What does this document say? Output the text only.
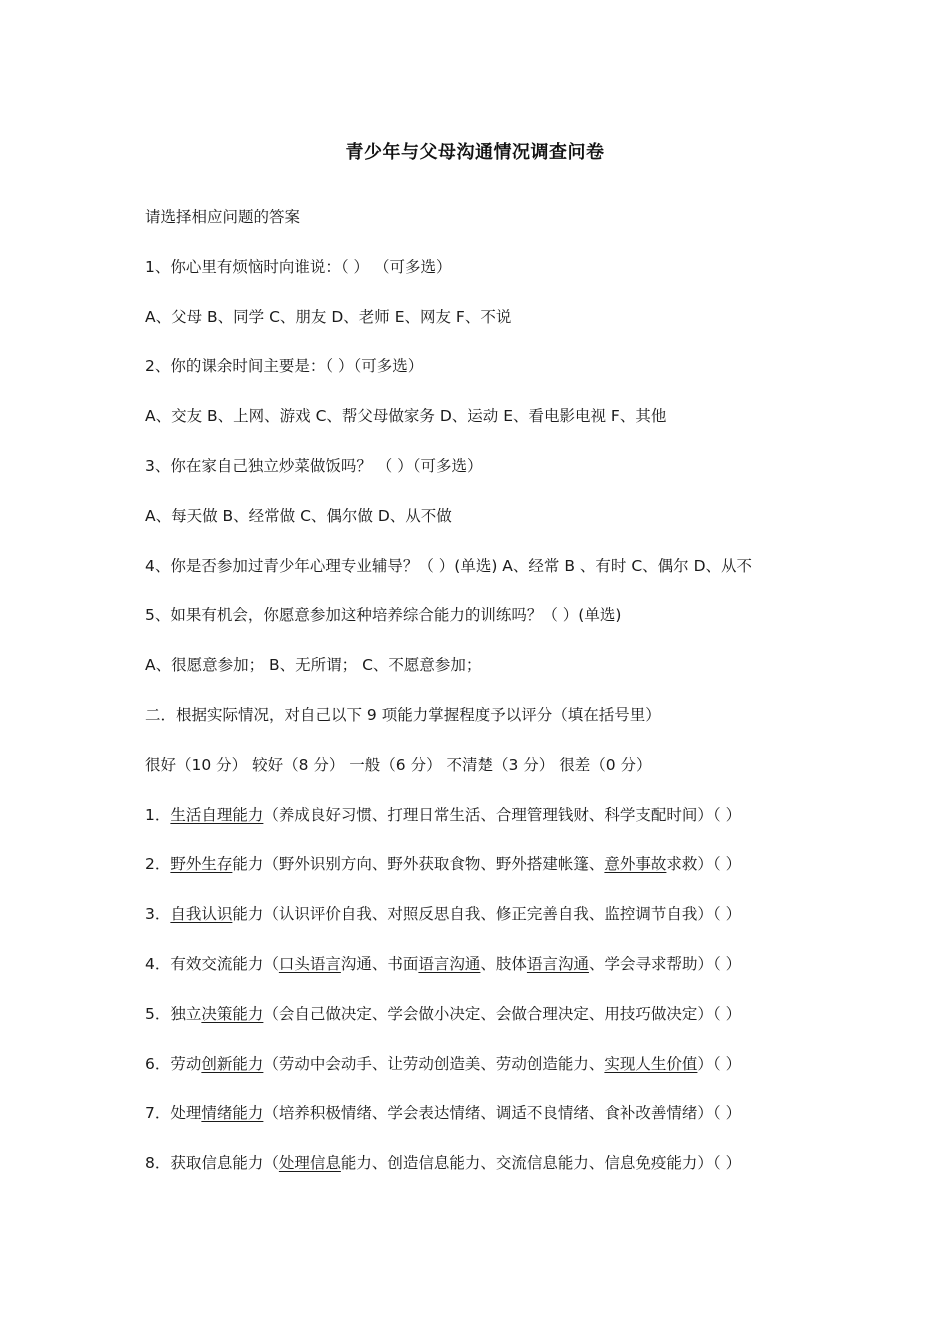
青少年与父母沟通情况调查问卷
请选择相应问题的答案
1、你心里有烦恼时向谁说：（ ） （可多选）
A、父母 B、同学 C、朋友 D、老师 E、网友 F、不说
2、你的课余时间主要是：（ ）（可多选）
A、交友 B、上网、游戏 C、帮父母做家务 D、运动 E、看电影电视 F、其他
3、你在家自己独立炒菜做饭吗？ （ ）（可多选）
A、每天做 B、经常做 C、偶尔做 D、从不做
4、你是否参加过青少年心理专业辅导？（ ）(单选) A、经常 B 、有时 C、偶尔 D、从不
5、如果有机会，你愿意参加这种培养综合能力的训练吗？（ ）(单选)
A、很愿意参加； B、无所谓； C、不愿意参加；
二．根据实际情况，对自己以下 9 项能力掌握程度予以评分（填在括号里）
很好（10 分） 较好（8 分） 一般（6 分） 不清楚（3 分） 很差（0 分）
1．生活自理能力（养成良好习惯、打理日常生活、合理管理钱财、科学支配时间）（ ）
2．野外生存能力（野外识别方向、野外获取食物、野外搭建帐篷、意外事故求救）（ ）
3．自我认识能力（认识评价自我、对照反思自我、修正完善自我、监控调节自我）（ ）
4．有效交流能力（口头语言沟通、书面语言沟通、肢体语言沟通、学会寻求帮助）（ ）
5．独立决策能力（会自己做决定、学会做小决定、会做合理决定、用技巧做决定）（ ）
6．劳动创新能力（劳动中会动手、让劳动创造美、劳动创造能力、实现人生价值）（ ）
7．处理情绪能力（培养积极情绪、学会表达情绪、调适不良情绪、食补改善情绪）（ ）
8．获取信息能力（处理信息能力、创造信息能力、交流信息能力、信息免疫能力）（ ）
